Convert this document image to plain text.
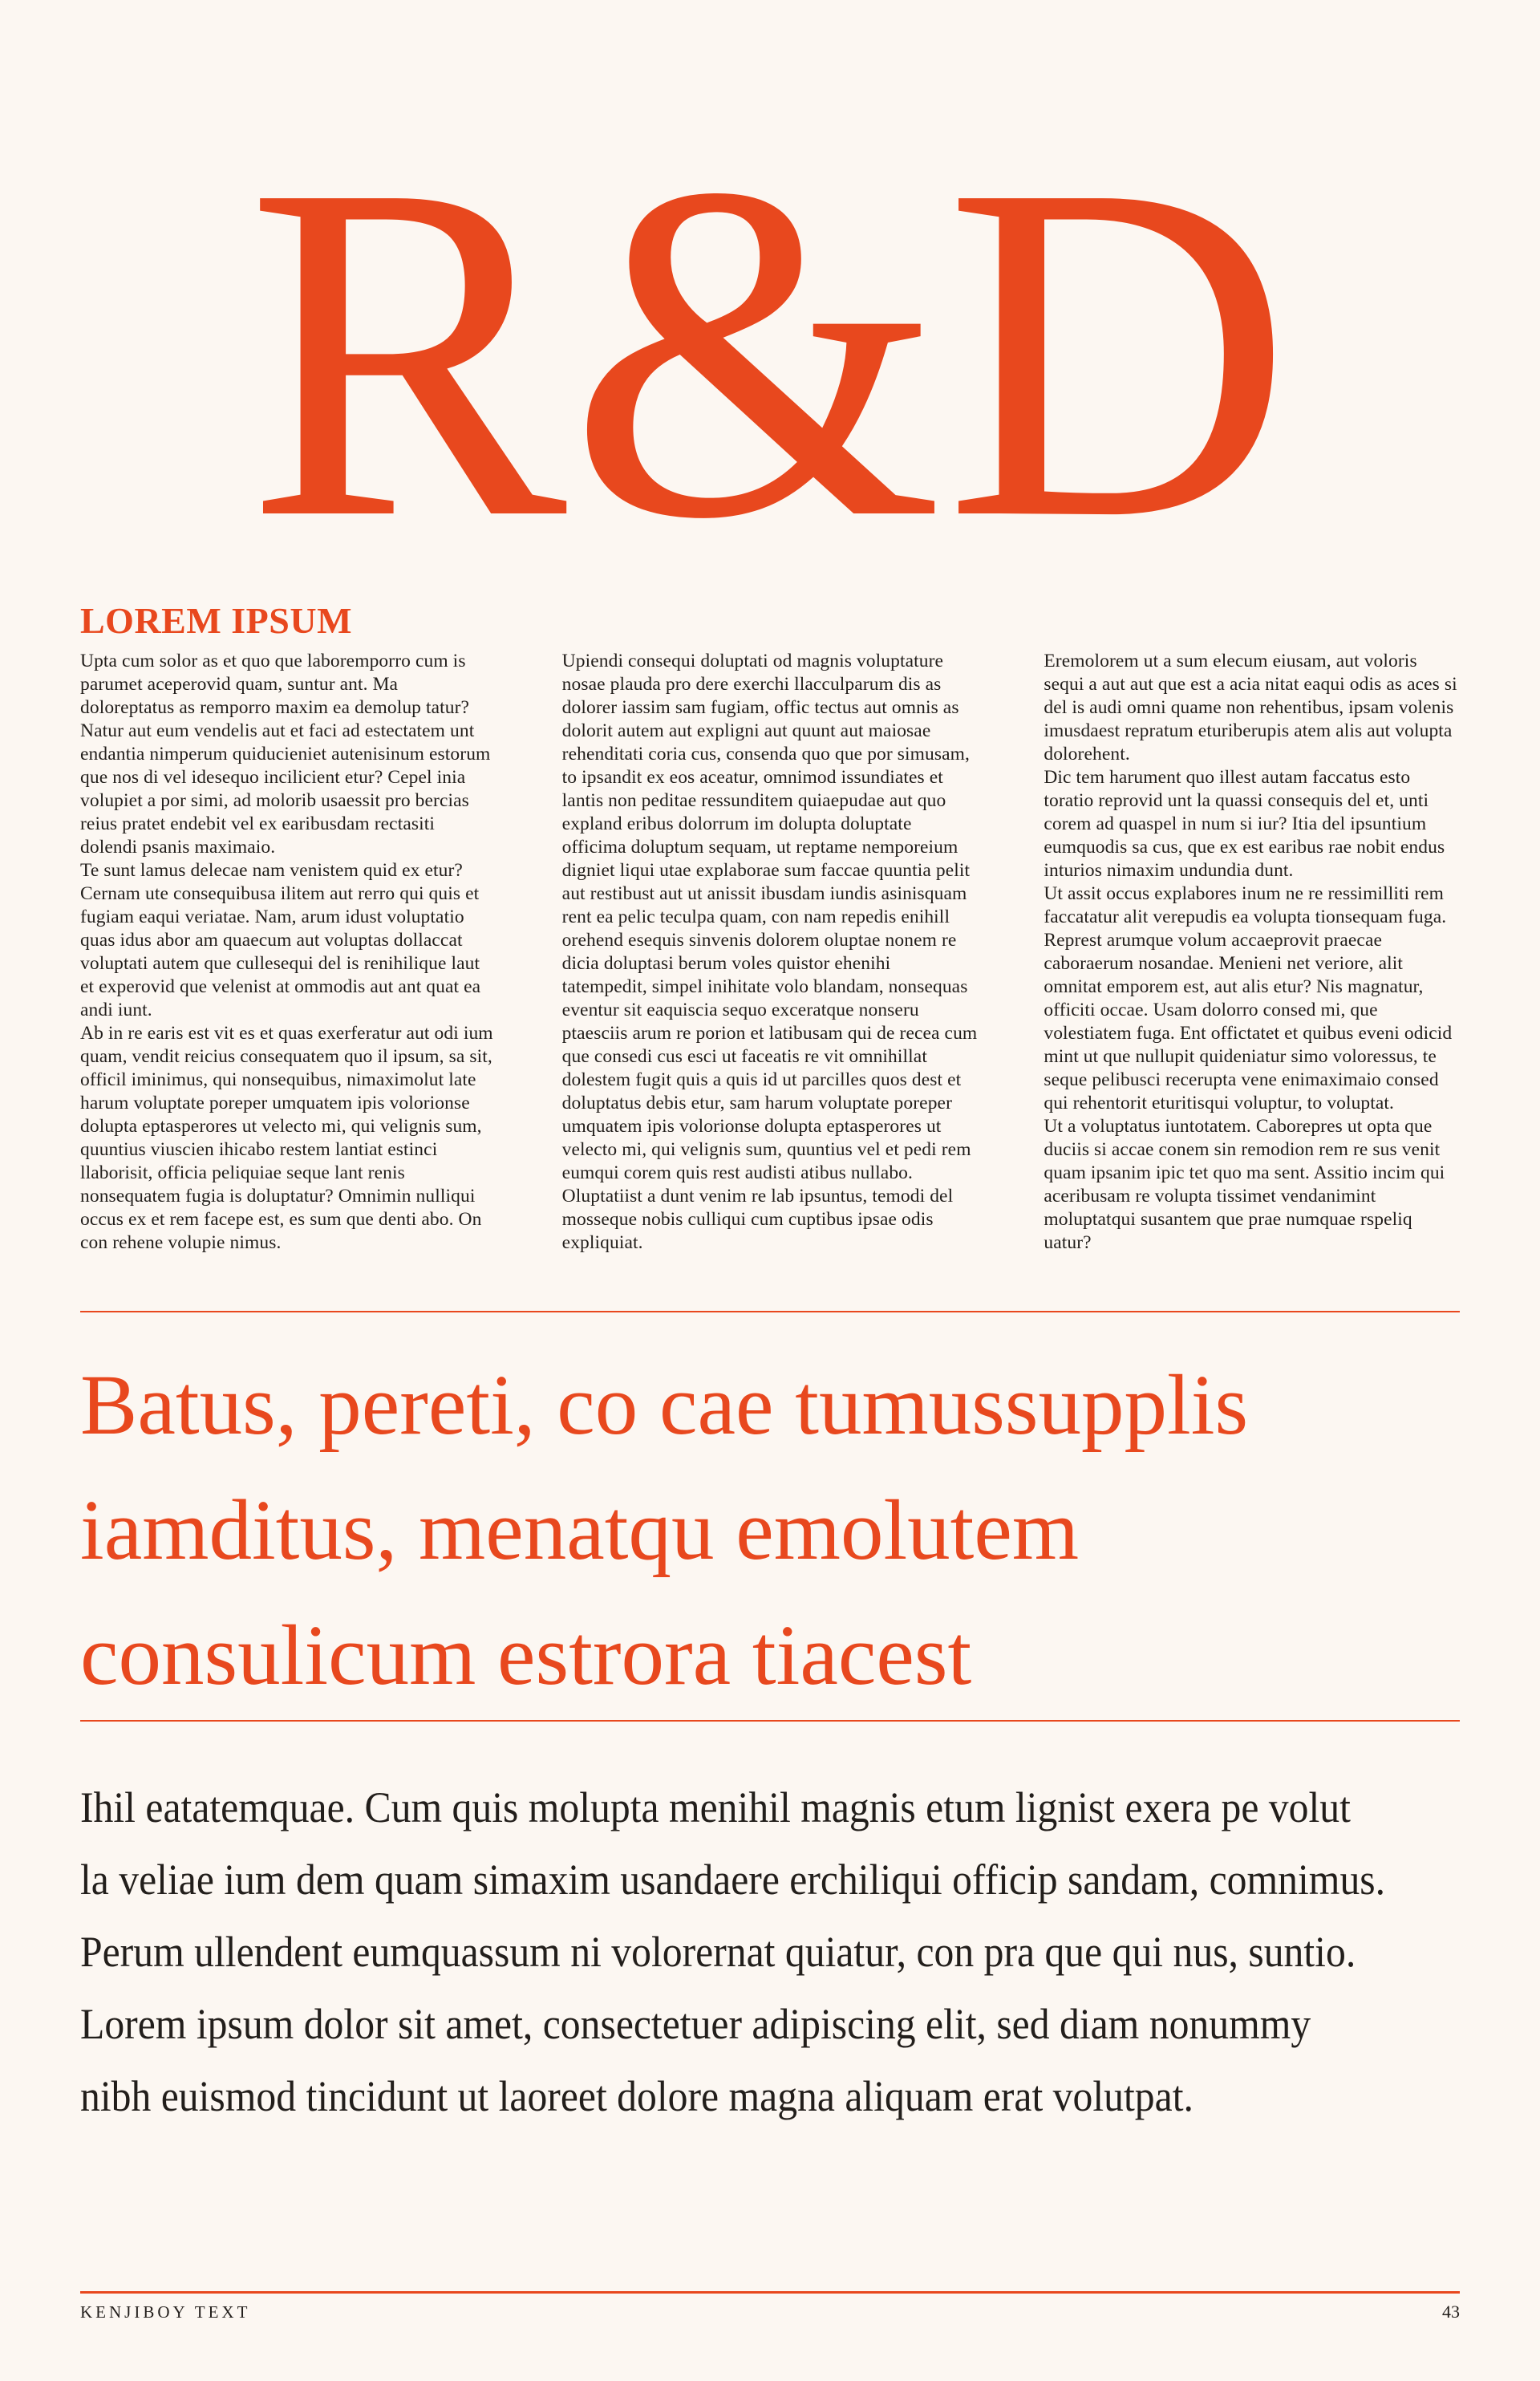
R&D
LOREM IPSUM

Upta cum solor as et quo que laboremporro cum is parumet aceperovid quam, suntur ant. Ma doloreptatus as remporro maxim ea demolup tatur?

Natur aut eum vendelis aut et faci ad estectatem unt endantia nimperum quiducieniet autenisinum estorum que nos di vel idesequo incilicient etur? Cepel inia volupiet a por simi, ad molorib usaessit pro bercias reius pratet endebit vel ex earibusdam rectasiti dolendi psanis maximaio.

Te sunt lamus delecae nam venistem quid ex etur? Cernam ute consequibusa ilitem aut rerro qui quis et fugiam eaqui veriatae. Nam, arum idust voluptatio quas idus abor am quaecum aut voluptas dollaccat voluptati autem que cullesequi del is renihilique laut et experovid que velenist at ommodis aut ant quat ea andi iunt.

Ab in re earis est vit es et quas exerferatur aut odi ium quam, vendit reicius consequatem quo il ipsum, sa sit, officil iminimus, qui nonsequibus, nimaximolut late harum voluptate poreper umquatem ipis volorionse dolupta eptasperores ut velecto mi, qui velignis sum, quuntius viuscien ihicabo restem lantiat estinci llaborisit, officia peliquiae seque lant renis nonsequatem fugia is doluptatur? Omnimin nulliqui occus ex et rem facepe est, es sum que denti abo. On con rehene volupie nimus.

Upiendi consequi doluptati od magnis voluptature nosae plauda pro dere exerchi llacculparum dis as dolorer iassim sam fugiam, offic tectus aut omnis as dolorit autem aut expligni aut quunt aut maiosae rehenditati coria cus, consenda quo que por simusam, to ipsandit ex eos aceatur, omnimod issundiates et lantis non peditae ressunditem quiaepudae aut quo expland eribus dolorrum im dolupta doluptate officima doluptum sequam, ut reptame nemporeium digniet liqui utae explaborae sum faccae quuntia pelit aut restibust aut ut anissit ibusdam iundis asinisquam rent ea pelic teculpa quam, con nam repedis enihill orehend esequis sinvenis dolorem oluptae nonem re dicia doluptasi berum voles quistor ehenihi tatempedit, simpel inihitate volo blandam, nonsequas eventur sit eaquiscia sequo exceratque nonseru ptaesciis arum re porion et latibusam qui de recea cum que consedi cus esci ut faceatis re vit omnihillat dolestem fugit quis a quis id ut parcilles quos dest et doluptatus debis etur, sam harum voluptate poreper umquatem ipis volorionse dolupta eptasperores ut velecto mi, qui velignis sum, quuntius vel et pedi rem eumqui corem quis rest audisti atibus nullabo.

Oluptatiist a dunt venim re lab ipsuntus, temodi del mosseque nobis culliqui cum cuptibus ipsae odis expliquiat.

Eremolorem ut a sum elecum eiusam, aut voloris sequi a aut aut que est a acia nitat eaqui odis as aces si del is audi omni quame non rehentibus, ipsam volenis imusdaest repratum eturiberupis atem alis aut volupta dolorehent.

Dic tem harument quo illest autam faccatus esto toratio reprovid unt la quassi consequis del et, unti corem ad quaspel in num si iur? Itia del ipsuntium eumquodis sa cus, que ex est earibus rae nobit endus inturios nimaxim undundia dunt.

Ut assit occus explabores inum ne re ressimilliti rem faccatatur alit verepudis ea volupta tionsequam fuga. Represt arumque volum accaeprovit praecae caboraerum nosandae. Menieni net veriore, alit omnitat emporem est, aut alis etur? Nis magnatur, officiti occae. Usam dolorro consed mi, que volestiatem fuga. Ent offictatet et quibus eveni odicid mint ut que nullupit quideniatur simo voloressus, te seque pelibusci recerupta vene enimaximaio consed qui rehentorit eturitisqui voluptur, to voluptat.

Ut a voluptatus iuntotatem. Caborepres ut opta que duciis si accae conem sin remodion rem re sus venit quam ipsanim ipic tet quo ma sent. Assitio incim qui aceribusam re volupta tissimet vendanimint moluptatqui susantem que prae numquae rspeliq uatur?

Batus, pereti, co cae tumussupplis
iamditus, menatqu emolutem
consulicum estrora tiacest
Ihil eatatemquae. Cum quis molupta menihil magnis etum lignist exera pe volut
la veliae ium dem quam simaxim usandaere erchiliqui officip sandam, comnimus.
Perum ullendent eumquassum ni volorernat quiatur, con pra que qui nus, suntio.
Lorem ipsum dolor sit amet, consectetuer adipiscing elit, sed diam nonummy
nibh euismod tincidunt ut laoreet dolore magna aliquam erat volutpat.
KENJIBOY TEXT	43
